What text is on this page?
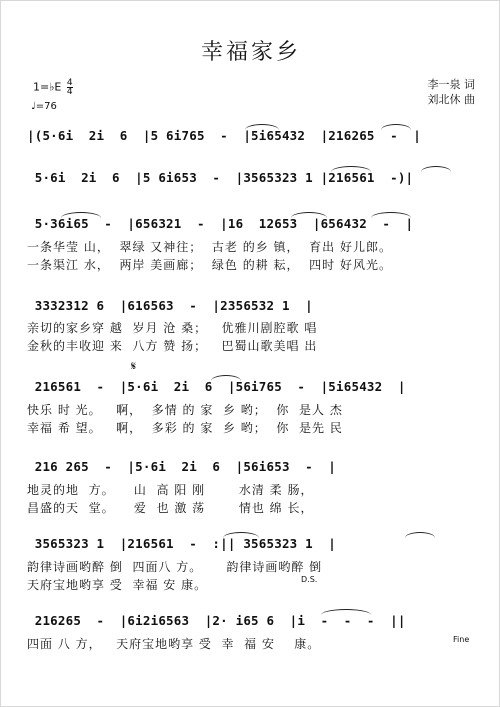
幸福家乡
1=♭E $\frac{4}{4}$
♩=76
李一泉 词
刘北休 曲
|(5·6i  2i  6  |5 6i765  -  |5i65432  |216265  -  |
5·6i  2i  6  |5 6i653  -  |3565323 1 |216561  -)|
5·36i65  -  |656321  -  |16  12653  |656432  -  |
一条华莹 山，  翠绿 又神往；  古老 的乡 镇，  育出 好儿郎。
一条渠江 水，  两岸 美画廊；  绿色 的耕 耘，  四时 好风光。
3332312 6  |616563  -  |2356532 1  |
亲切的家乡穿 越  岁月 沧 桑；   优雅川剧腔歌 唱
金秋的丰收迎 来  八方 赞 扬；   巴蜀山歌美唱 出
𝄋
216561  -  |5·6i  2i  6  |56i765  -  |5i65432  |
快乐 时 光。   啊，  多情 的 家  乡 哟；  你  是人 杰
幸福 希 望。   啊，  多彩 的 家  乡 哟；  你  是先 民
216 265  -  |5·6i  2i  6  |56i653  -  |
地灵的地  方。    山  高 阳 刚       水清 柔 肠，
昌盛的天  堂。    爱  也 激 荡       情也 绵 长，
3565323 1  |216561  -  :|| 3565323 1  |
韵律诗画哟醉 倒  四面八 方。     韵律诗画哟醉 倒
天府宝地哟享 受  幸福 安 康。	D.S.
216265  -  |6i2i6563  |2· i65 6  |i  -  -  -  ||
四面 八 方，   天府宝地哟享 受  幸  福 安    康。	Fine
